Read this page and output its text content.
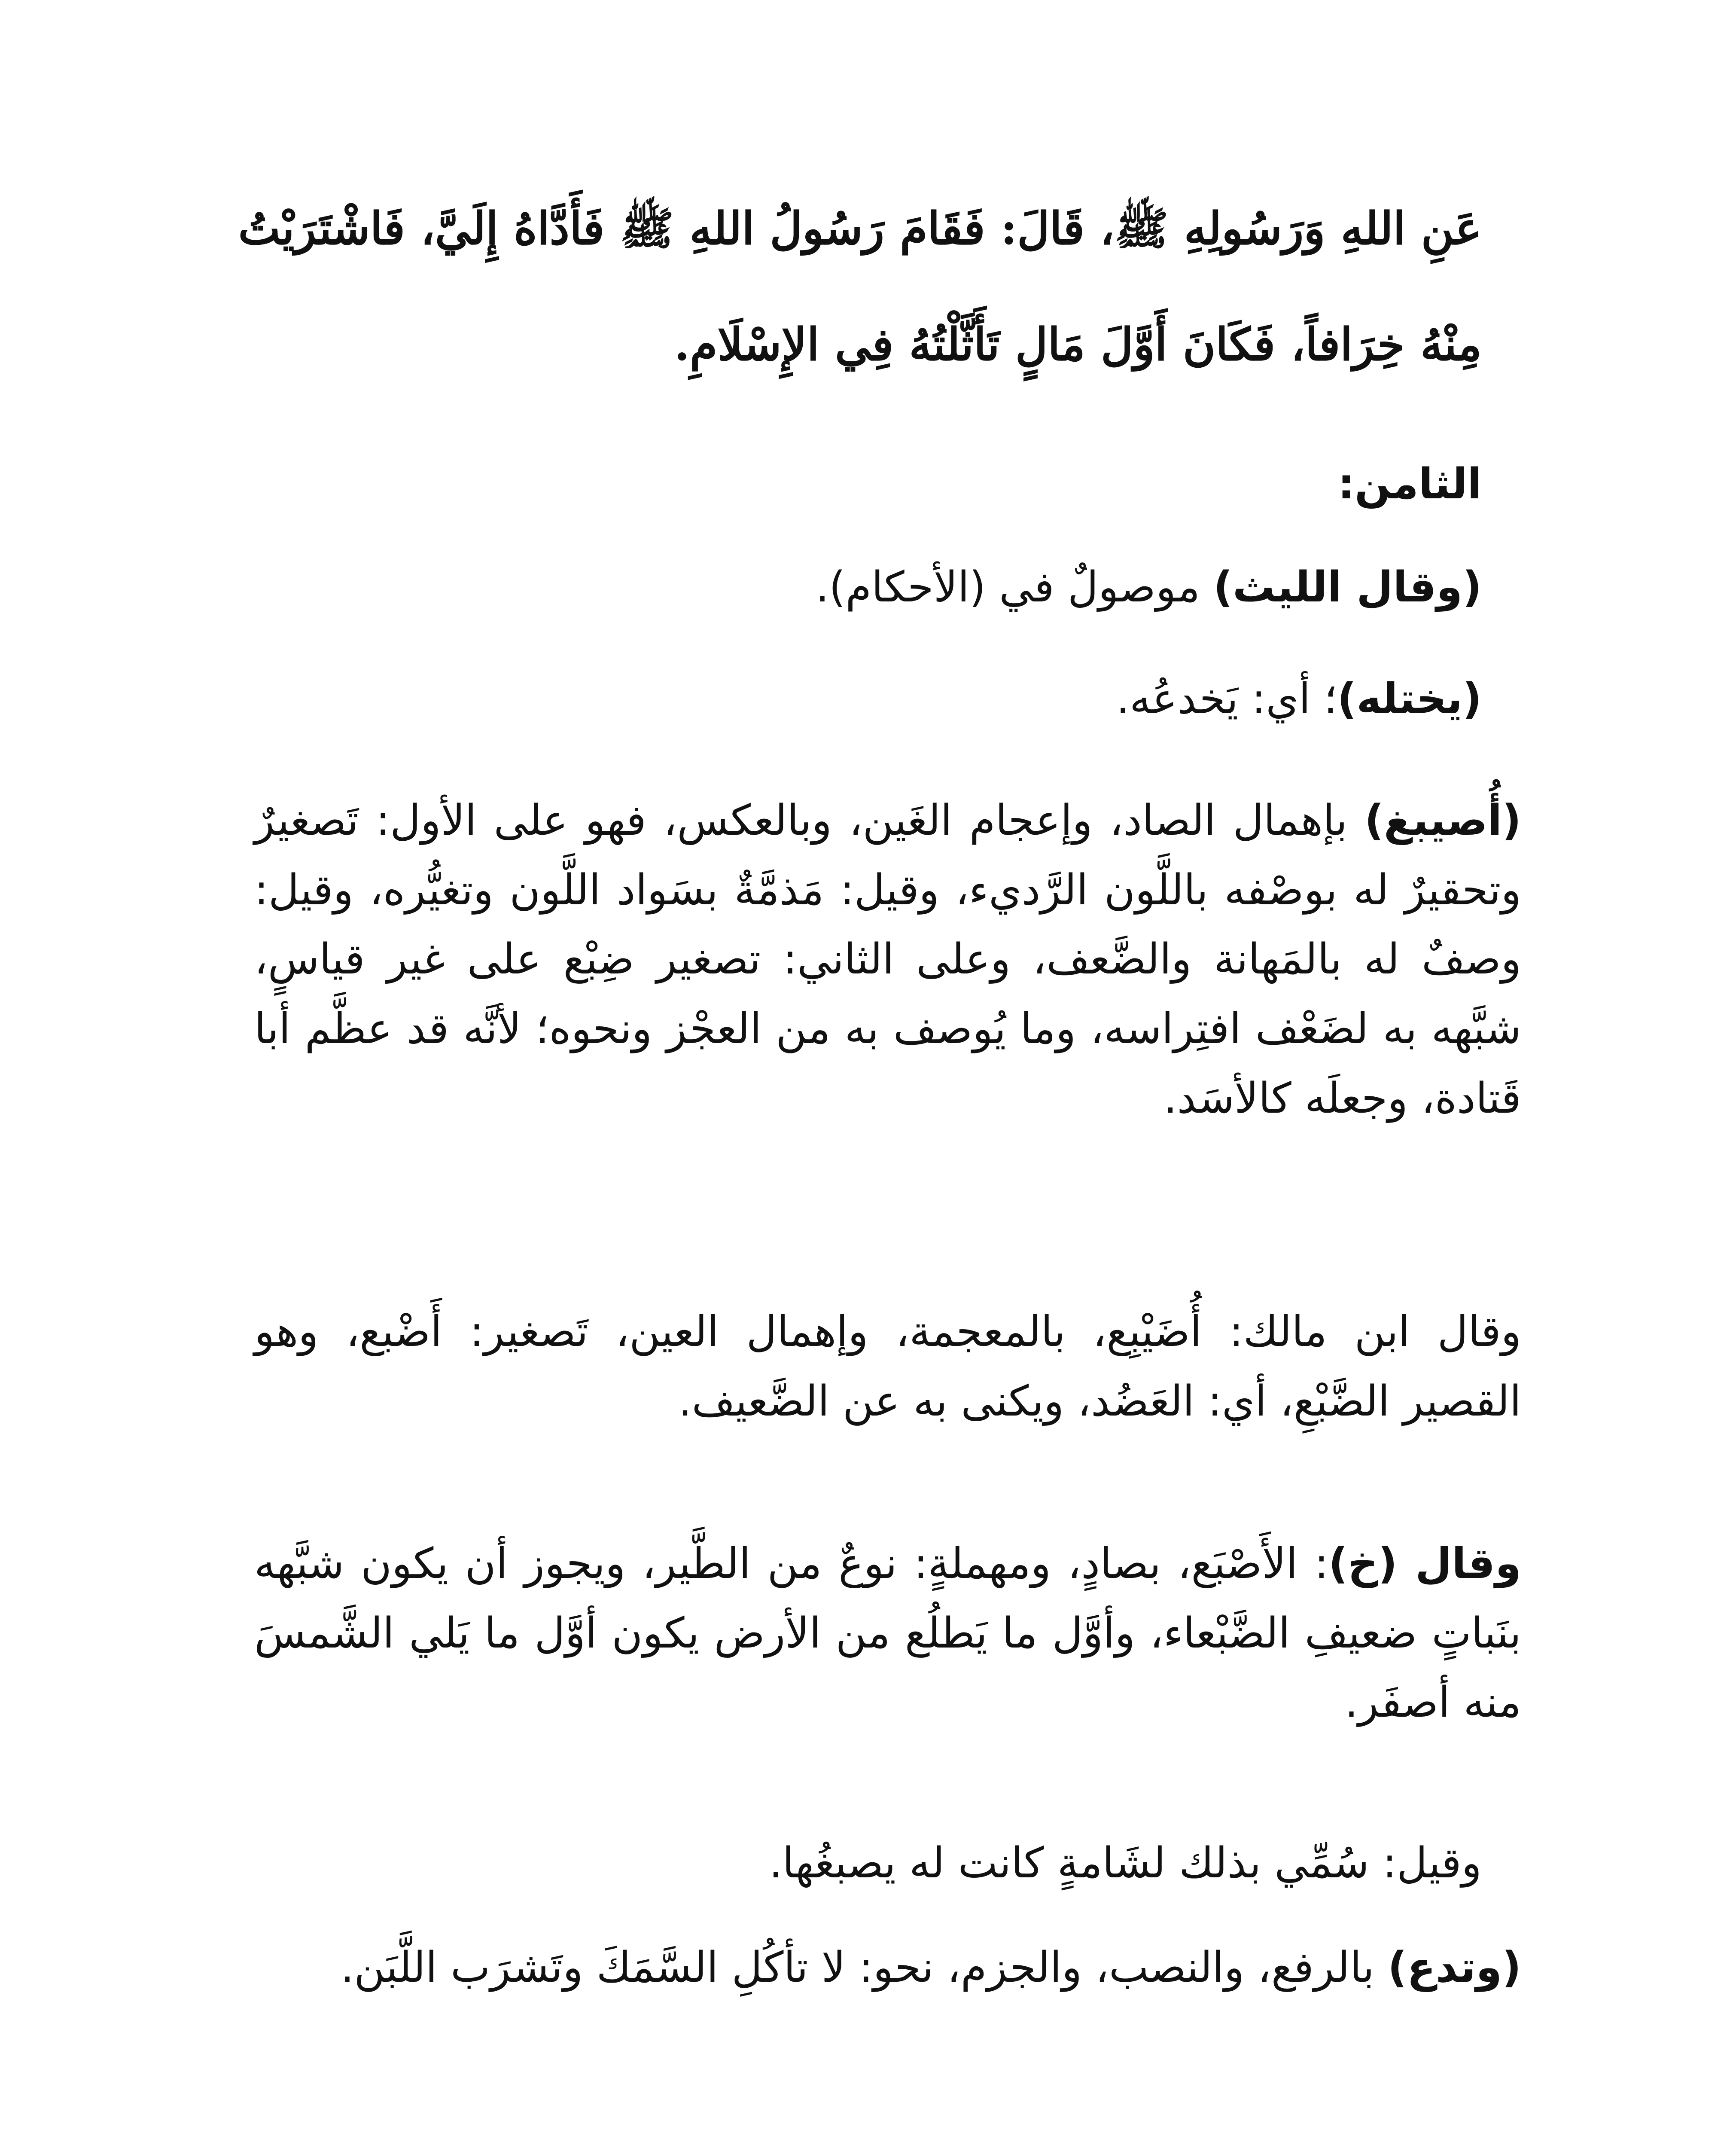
عَنِ اللهِ وَرَسُولِهِ ﷺ، قَالَ: فَقَامَ رَسُولُ اللهِ ﷺ فَأَدَّاهُ إِلَيَّ، فَاشْتَرَيْتُ
مِنْهُ خِرَافاً، فَكَانَ أَوَّلَ مَالٍ تَأَثَّلْتُهُ فِي الإِسْلَامِ.
الثامن:
(وقال الليث) موصولٌ في (الأحكام).
(يختله)؛ أي: يَخدعُه.
(أُصيبغ) بإهمال الصاد، وإعجام الغَين، وبالعكس، فهو على الأول: تَصغيرٌ وتحقيرٌ له بوصْفه باللَّون الرَّديء، وقيل: مَذمَّةٌ بسَواد اللَّون وتغيُّره، وقيل: وصفٌ له بالمَهانة والضَّعف، وعلى الثاني: تصغير ضِبْع على غير قياسٍ، شبَّهه به لضَعْف افتِراسه، وما يُوصف به من العجْز ونحوه؛ لأنَّه قد عظَّم أبا قَتادة، وجعلَه كالأسَد.
وقال ابن مالك: أُضَيْبِع، بالمعجمة، وإهمال العين، تَصغير: أَضْبع، وهو القصير الضَّبْعِ، أي: العَضُد، ويكنى به عن الضَّعيف.
وقال (خ): الأَصْبَع، بصادٍ، ومهملةٍ: نوعٌ من الطَّير، ويجوز أن يكون شبَّهه بنَباتٍ ضعيفِ الضَّبْعاء، وأوَّل ما يَطلُع من الأرض يكون أوَّل ما يَلي الشَّمسَ منه أصفَر.
وقيل: سُمِّي بذلك لشَامةٍ كانت له يصبغُها.
(وتدع) بالرفع، والنصب، والجزم، نحو: لا تأكُلِ السَّمَكَ وتَشرَب اللَّبَن.
